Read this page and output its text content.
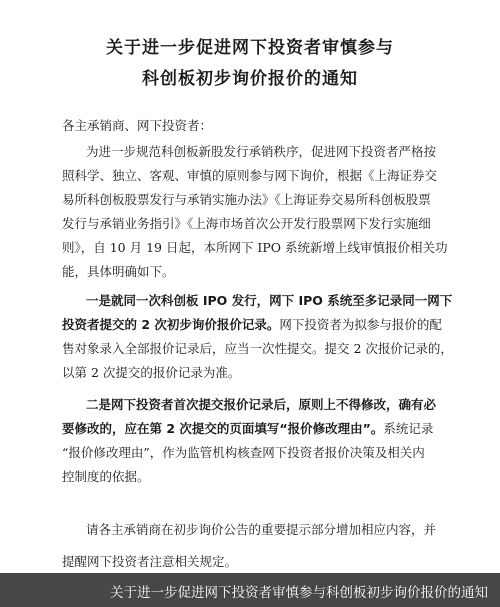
关于进一步促进网下投资者审慎参与
科创板初步询价报价的通知
各主承销商、网下投资者：
为进一步规范科创板新股发行承销秩序，促进网下投资者严格按
照科学、独立、客观、审慎的原则参与网下询价，根据《上海证券交
易所科创板股票发行与承销实施办法》《上海证券交易所科创板股票
发行与承销业务指引》《上海市场首次公开发行股票网下发行实施细
则》，自 10 月 19 日起，本所网下 IPO 系统新增上线审慎报价相关功
能，具体明确如下。
一是就同一次科创板 IPO 发行，网下 IPO 系统至多记录同一网下
投资者提交的 2 次初步询价报价记录。网下投资者为拟参与报价的配
售对象录入全部报价记录后，应当一次性提交。提交 2 次报价记录的，
以第 2 次提交的报价记录为准。
二是网下投资者首次提交报价记录后，原则上不得修改，确有必
要修改的，应在第 2 次提交的页面填写“报价修改理由”。系统记录
“报价修改理由”，作为监管机构核查网下投资者报价决策及相关内
控制度的依据。
请各主承销商在初步询价公告的重要提示部分增加相应内容，并
提醒网下投资者注意相关规定。
关于进一步促进网下投资者审慎参与科创板初步询价报价的通知
